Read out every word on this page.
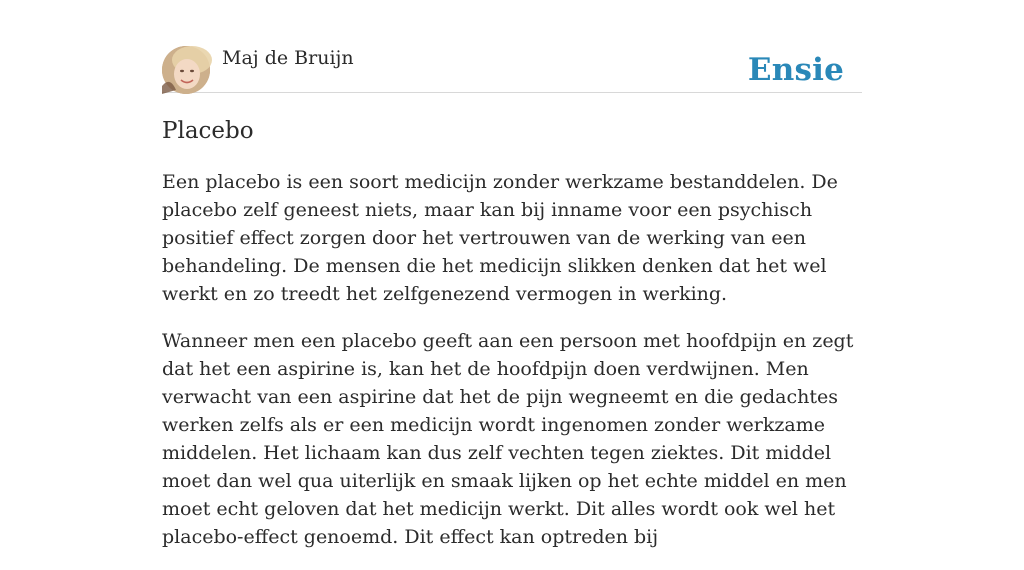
Maj de Bruijn	Ensie
Placebo

Een placebo is een soort medicijn zonder werkzame bestanddelen. De placebo zelf geneest niets, maar kan bij inname voor een psychisch positief effect zorgen door het vertrouwen van de werking van een behandeling. De mensen die het medicijn slikken denken dat het wel werkt en zo treedt het zelfgenezend vermogen in werking.

Wanneer men een placebo geeft aan een persoon met hoofdpijn en zegt dat het een aspirine is, kan het de hoofdpijn doen verdwijnen. Men verwacht van een aspirine dat het de pijn wegneemt en die gedachtes werken zelfs als er een medicijn wordt ingenomen zonder werkzame middelen. Het lichaam kan dus zelf vechten tegen ziektes. Dit middel moet dan wel qua uiterlijk en smaak lijken op het echte middel en men moet echt geloven dat het medicijn werkt. Dit alles wordt ook wel het placebo-effect genoemd. Dit effect kan optreden bij
